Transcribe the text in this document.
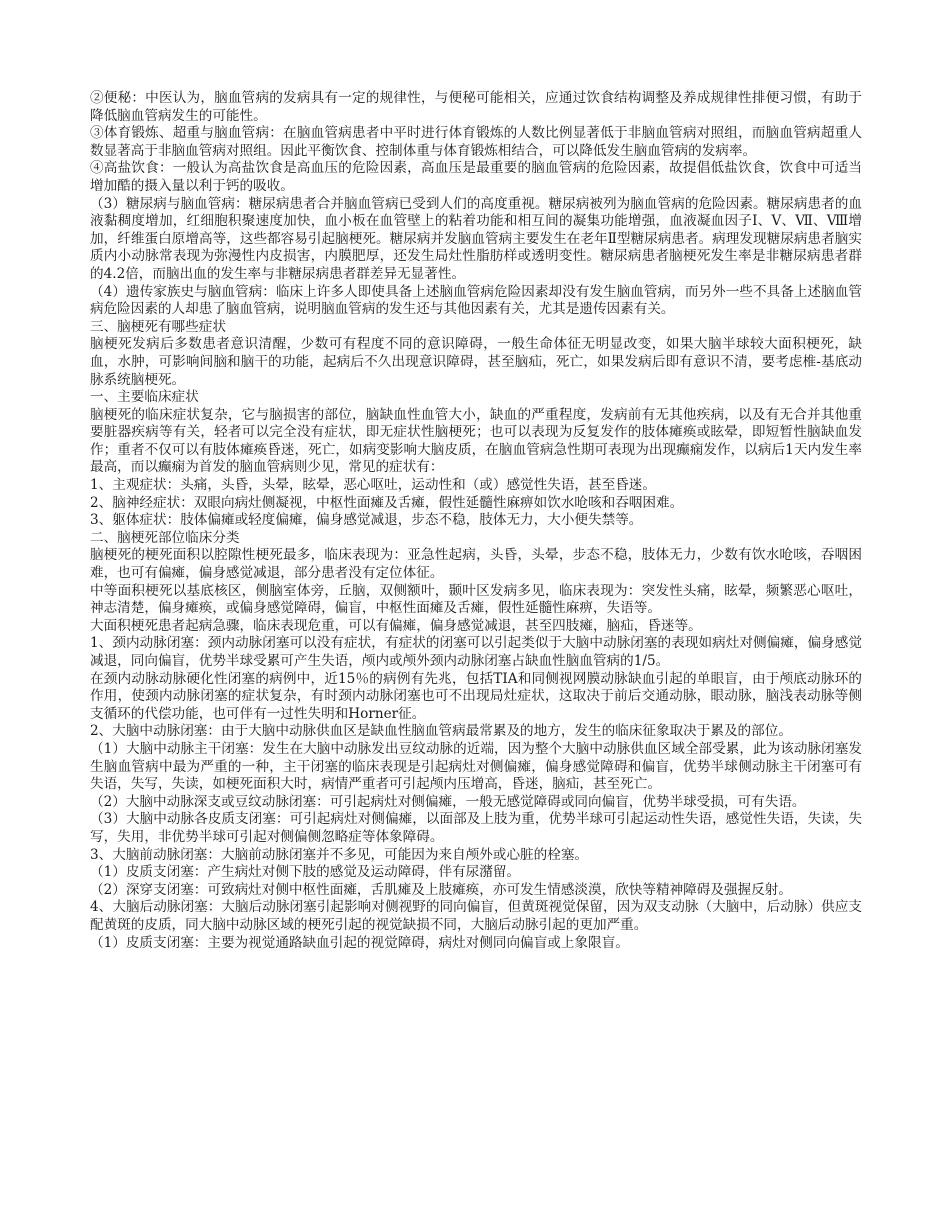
②便秘：中医认为，脑血管病的发病具有一定的规律性，与便秘可能相关，应通过饮食结构调整及养成规律性排便习惯，有助于降低脑血管病发生的可能性。

③体育锻炼、超重与脑血管病：在脑血管病患者中平时进行体育锻炼的人数比例显著低于非脑血管病对照组，而脑血管病超重人数显著高于非脑血管病对照组。因此平衡饮食、控制体重与体育锻炼相结合，可以降低发生脑血管病的发病率。

④高盐饮食：一般认为高盐饮食是高血压的危险因素，高血压是最重要的脑血管病的危险因素，故提倡低盐饮食，饮食中可适当增加酷的摄入量以利于钙的吸收。

（3）糖尿病与脑血管病：糖尿病患者合并脑血管病已受到人们的高度重视。糖尿病被列为脑血管病的危险因素。糖尿病患者的血液黏稠度增加，红细胞积聚速度加快，血小板在血管壁上的粘着功能和相互间的凝集功能增强，血液凝血因子Ⅰ、Ⅴ、Ⅶ、Ⅷ增加，纤维蛋白原增高等，这些都容易引起脑梗死。糖尿病并发脑血管病主要发生在老年Ⅱ型糖尿病患者。病理发现糖尿病患者脑实质内小动脉常表现为弥漫性内皮损害，内膜肥厚，还发生局灶性脂肪样或透明变性。糖尿病患者脑梗死发生率是非糖尿病患者群的4.2倍，而脑出血的发生率与非糖尿病患者群差异无显著性。

（4）遗传家族史与脑血管病：临床上许多人即使具备上述脑血管病危险因素却没有发生脑血管病，而另外一些不具备上述脑血管病危险因素的人却患了脑血管病，说明脑血管病的发生还与其他因素有关，尤其是遗传因素有关。

三、脑梗死有哪些症状

脑梗死发病后多数患者意识清醒，少数可有程度不同的意识障碍，一般生命体征无明显改变，如果大脑半球较大面积梗死，缺血，水肿，可影响间脑和脑干的功能，起病后不久出现意识障碍，甚至脑疝，死亡，如果发病后即有意识不清，要考虑椎-基底动脉系统脑梗死。

一、主要临床症状

脑梗死的临床症状复杂，它与脑损害的部位，脑缺血性血管大小，缺血的严重程度，发病前有无其他疾病，以及有无合并其他重要脏器疾病等有关，轻者可以完全没有症状，即无症状性脑梗死；也可以表现为反复发作的肢体瘫痪或眩晕，即短暂性脑缺血发作；重者不仅可以有肢体瘫痪昏迷，死亡，如病变影响大脑皮质，在脑血管病急性期可表现为出现癫痫发作，以病后1天内发生率最高，而以癫痫为首发的脑血管病则少见，常见的症状有：

1、主观症状：头痛，头昏，头晕，眩晕，恶心呕吐，运动性和（或）感觉性失语，甚至昏迷。

2、脑神经症状：双眼向病灶侧凝视，中枢性面瘫及舌瘫，假性延髓性麻痹如饮水呛咳和吞咽困难。

3、躯体症状：肢体偏瘫或轻度偏瘫，偏身感觉减退，步态不稳，肢体无力，大小便失禁等。

二、脑梗死部位临床分类

脑梗死的梗死面积以腔隙性梗死最多，临床表现为：亚急性起病，头昏，头晕，步态不稳，肢体无力，少数有饮水呛咳，吞咽困难，也可有偏瘫，偏身感觉减退，部分患者没有定位体征。

中等面积梗死以基底核区，侧脑室体旁，丘脑，双侧额叶，颞叶区发病多见，临床表现为：突发性头痛，眩晕，频繁恶心呕吐，神志清楚，偏身瘫痪，或偏身感觉障碍，偏盲，中枢性面瘫及舌瘫，假性延髓性麻痹，失语等。

大面积梗死患者起病急骤，临床表现危重，可以有偏瘫，偏身感觉减退，甚至四肢瘫，脑疝，昏迷等。

1、颈内动脉闭塞：颈内动脉闭塞可以没有症状，有症状的闭塞可以引起类似于大脑中动脉闭塞的表现如病灶对侧偏瘫，偏身感觉减退，同向偏盲，优势半球受累可产生失语，颅内或颅外颈内动脉闭塞占缺血性脑血管病的1/5。

在颈内动脉动脉硬化性闭塞的病例中，近15％的病例有先兆，包括TIA和同侧视网膜动脉缺血引起的单眼盲，由于颅底动脉环的作用，使颈内动脉闭塞的症状复杂，有时颈内动脉闭塞也可不出现局灶症状，这取决于前后交通动脉，眼动脉，脑浅表动脉等侧支循环的代偿功能，也可伴有一过性失明和Horner征。

2、大脑中动脉闭塞：由于大脑中动脉供血区是缺血性脑血管病最常累及的地方，发生的临床征象取决于累及的部位。

（1）大脑中动脉主干闭塞：发生在大脑中动脉发出豆纹动脉的近端，因为整个大脑中动脉供血区域全部受累，此为该动脉闭塞发生脑血管病中最为严重的一种，主干闭塞的临床表现是引起病灶对侧偏瘫，偏身感觉障碍和偏盲，优势半球侧动脉主干闭塞可有失语，失写，失读，如梗死面积大时，病情严重者可引起颅内压增高，昏迷，脑疝，甚至死亡。

（2）大脑中动脉深支或豆纹动脉闭塞：可引起病灶对侧偏瘫，一般无感觉障碍或同向偏盲，优势半球受损，可有失语。

（3）大脑中动脉各皮质支闭塞：可引起病灶对侧偏瘫，以面部及上肢为重，优势半球可引起运动性失语，感觉性失语，失读，失写，失用，非优势半球可引起对侧偏侧忽略症等体象障碍。

3、大脑前动脉闭塞：大脑前动脉闭塞并不多见，可能因为来自颅外或心脏的栓塞。

（1）皮质支闭塞：产生病灶对侧下肢的感觉及运动障碍，伴有尿潴留。

（2）深穿支闭塞：可致病灶对侧中枢性面瘫，舌肌瘫及上肢瘫痪，亦可发生情感淡漠，欣快等精神障碍及强握反射。

4、大脑后动脉闭塞：大脑后动脉闭塞引起影响对侧视野的同向偏盲，但黄斑视觉保留，因为双支动脉（大脑中，后动脉）供应支配黄斑的皮质，同大脑中动脉区域的梗死引起的视觉缺损不同，大脑后动脉引起的更加严重。

（1）皮质支闭塞：主要为视觉通路缺血引起的视觉障碍，病灶对侧同向偏盲或上象限盲。
